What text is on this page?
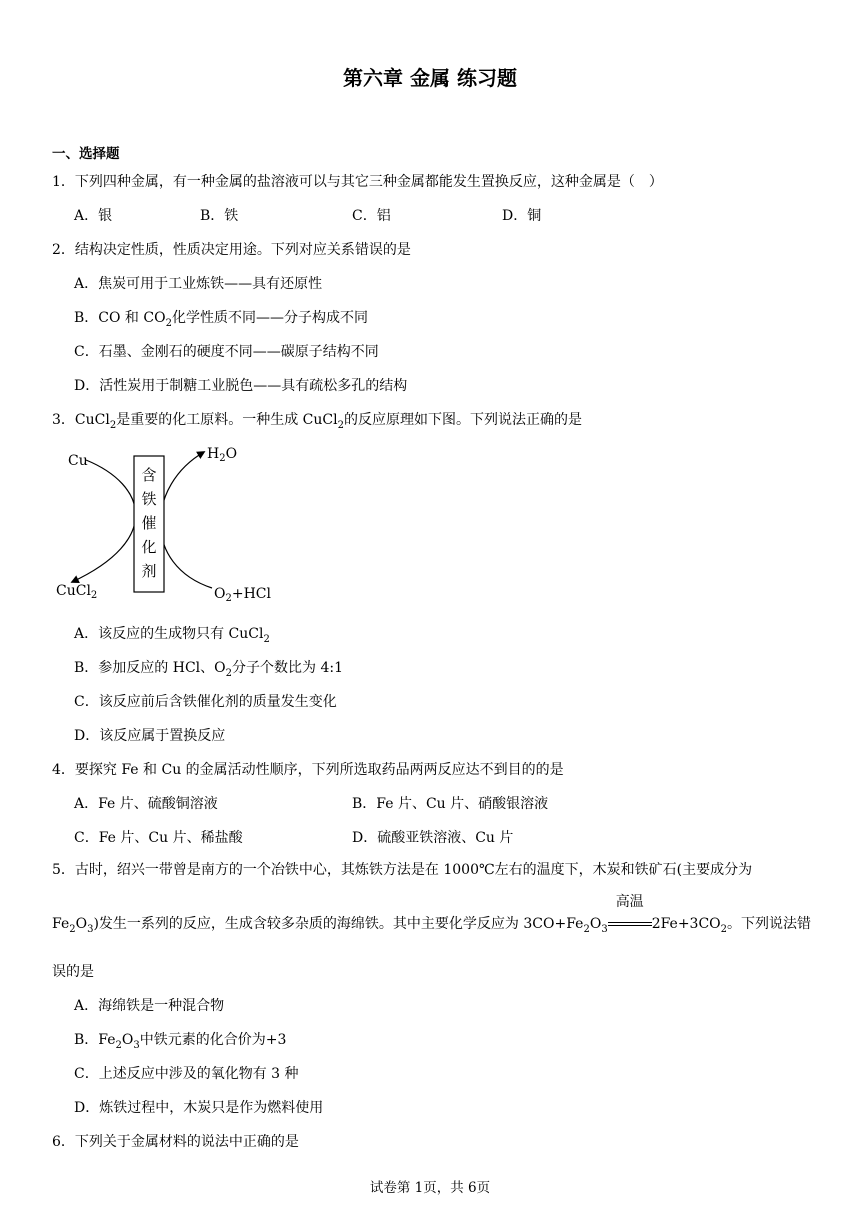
第六章 金属 练习题
一、选择题
1．下列四种金属，有一种金属的盐溶液可以与其它三种金属都能发生置换反应，这种金属是（　）
A．银	B．铁	C．铝	D．铜
2．结构决定性质，性质决定用途。下列对应关系错误的是
A．焦炭可用于工业炼铁——具有还原性
B．CO 和 $CO_2$化学性质不同——分子构成不同
C．石墨、金刚石的硬度不同——碳原子结构不同
D．活性炭用于制糖工业脱色——具有疏松多孔的结构
3．CuCl$_2$是重要的化工原料。一种生成 CuCl$_2$的反应原理如下图。下列说法正确的是
Cu	$H_2O$
CuCl$_2$	$O_2+HCl$
含
铁
催
化
剂
A．该反应的生成物只有 CuCl$_2$
B．参加反应的 HCl、$O_2$分子个数比为 4:1
C．该反应前后含铁催化剂的质量发生变化
D．该反应属于置换反应
4．要探究 Fe 和 Cu 的金属活动性顺序，下列所选取药品两两反应达不到目的的是
A．Fe 片、硫酸铜溶液	B．Fe 片、Cu 片、硝酸银溶液
C．Fe 片、Cu 片、稀盐酸	D．硫酸亚铁溶液、Cu 片
5．古时，绍兴一带曾是南方的一个冶铁中心，其炼铁方法是在 1000℃左右的温度下，木炭和铁矿石(主要成分为
$Fe_2O_3$)发生一系列的反应，生成含较多杂质的海绵铁。其中主要化学反应为 $3CO+Fe_2O_3$
高温
$2Fe+3CO_2$。下列说法错
误的是
A．海绵铁是一种混合物
B．$Fe_2O_3$中铁元素的化合价为+3
C．上述反应中涉及的氧化物有 3 种
D．炼铁过程中，木炭只是作为燃料使用
6．下列关于金属材料的说法中正确的是
试卷第 1页，共 6页
